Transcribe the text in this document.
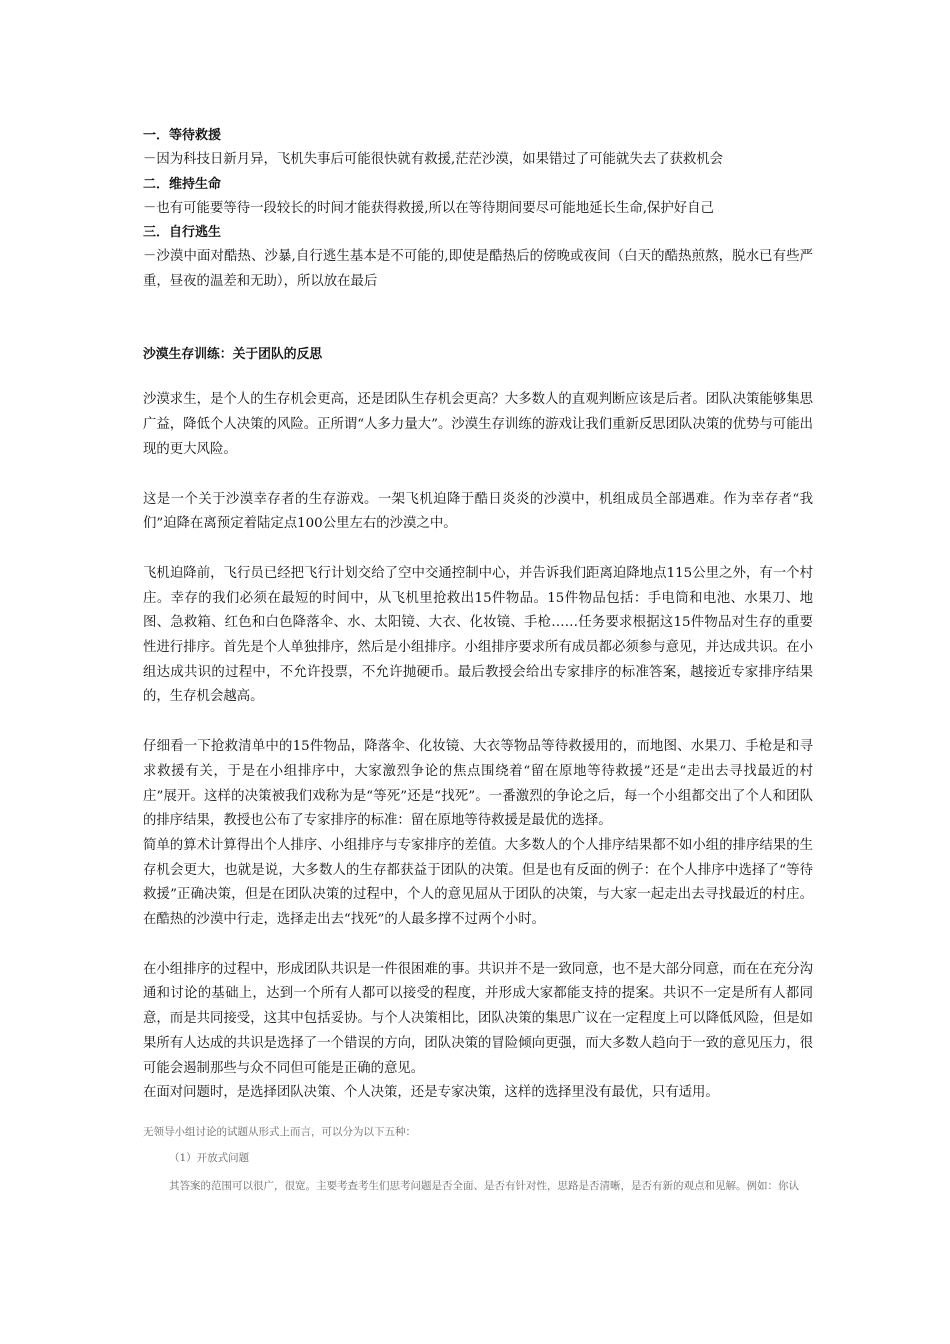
一．等待救援

－因为科技日新月异，飞机失事后可能很快就有救援,茫茫沙漠，如果错过了可能就失去了获救机会

二．维持生命

－也有可能要等待一段较长的时间才能获得救援,所以在等待期间要尽可能地延长生命,保护好自己

三．自行逃生

－沙漠中面对酷热、沙暴,自行逃生基本是不可能的,即使是酷热后的傍晚或夜间（白天的酷热煎熬，脱水已有些严重，昼夜的温差和无助），所以放在最后

沙漠生存训练：关于团队的反思

沙漠求生，是个人的生存机会更高，还是团队生存机会更高？大多数人的直观判断应该是后者。团队决策能够集思广益，降低个人决策的风险。正所谓“人多力量大”。沙漠生存训练的游戏让我们重新反思团队决策的优势与可能出现的更大风险。

这是一个关于沙漠幸存者的生存游戏。一架飞机迫降于酷日炎炎的沙漠中，机组成员全部遇难。作为幸存者“我们”迫降在离预定着陆定点100公里左右的沙漠之中。

飞机迫降前，飞行员已经把飞行计划交给了空中交通控制中心，并告诉我们距离迫降地点115公里之外，有一个村庄。幸存的我们必须在最短的时间中，从飞机里抢救出15件物品。15件物品包括：手电筒和电池、水果刀、地图、急救箱、红色和白色降落伞、水、太阳镜、大衣、化妆镜、手枪……任务要求根据这15件物品对生存的重要性进行排序。首先是个人单独排序，然后是小组排序。小组排序要求所有成员都必须参与意见，并达成共识。在小组达成共识的过程中，不允许投票，不允许抛硬币。最后教授会给出专家排序的标准答案，越接近专家排序结果的，生存机会越高。

仔细看一下抢救清单中的15件物品，降落伞、化妆镜、大衣等物品等待救援用的，而地图、水果刀、手枪是和寻求救援有关，于是在小组排序中，大家激烈争论的焦点围绕着“留在原地等待救援”还是“走出去寻找最近的村庄”展开。这样的决策被我们戏称为是“等死”还是“找死”。一番激烈的争论之后，每一个小组都交出了个人和团队的排序结果，教授也公布了专家排序的标准：留在原地等待救援是最优的选择。

简单的算术计算得出个人排序、小组排序与专家排序的差值。大多数人的个人排序结果都不如小组的排序结果的生存机会更大，也就是说，大多数人的生存都获益于团队的决策。但是也有反面的例子：在个人排序中选择了“等待救援”正确决策，但是在团队决策的过程中，个人的意见屈从于团队的决策，与大家一起走出去寻找最近的村庄。在酷热的沙漠中行走，选择走出去“找死”的人最多撑不过两个小时。

在小组排序的过程中，形成团队共识是一件很困难的事。共识并不是一致同意，也不是大部分同意，而在在充分沟通和讨论的基础上，达到一个所有人都可以接受的程度，并形成大家都能支持的提案。共识不一定是所有人都同意，而是共同接受，这其中包括妥协。与个人决策相比，团队决策的集思广议在一定程度上可以降低风险，但是如果所有人达成的共识是选择了一个错误的方向，团队决策的冒险倾向更强，而大多数人趋向于一致的意见压力，很可能会遏制那些与众不同但可能是正确的意见。

在面对问题时，是选择团队决策、个人决策，还是专家决策，这样的选择里没有最优，只有适用。

无领导小组讨论的试题从形式上而言，可以分为以下五种：

（1）开放式问题

其答案的范围可以很广，很宽。主要考查考生们思考问题是否全面、是否有针对性，思路是否清晰，是否有新的观点和见解。例如：你认
